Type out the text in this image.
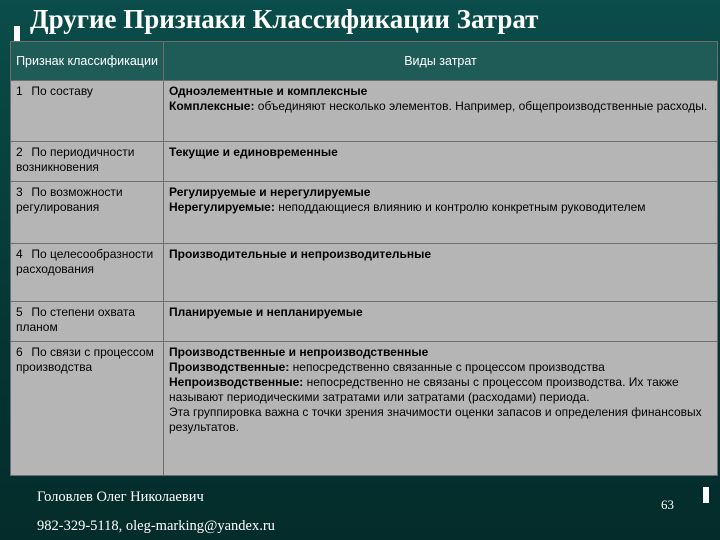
Другие Признаки Классификации Затрат
Признак классификации	Виды затрат
1 По составу	Одноэлементные и комплексные
Комплексные: объединяют несколько элементов. Например, общепроизводственные расходы.

2 По периодичности возникновения	Текущие и единовременные

3 По возможности регулирования	Регулируемые и нерегулируемые
Нерегулируемые: неподдающиеся влиянию и контролю конкретным руководителем

4 По целесообразности расходования	Производительные и непроизводительные

5 По степени охвата планом	Планируемые и непланируемые

6 По связи с процессом производства	Производственные и непроизводственные
Производственные: непосредственно связанные с процессом производства
Непроизводственные: непосредственно не связаны с процессом производства. Их также называют периодическими затратами или затратами (расходами) периода.
Эта группировка важна с точки зрения значимости оценки запасов и определения финансовых результатов.
Головлев Олег Николаевич
982-329-5118, oleg-marking@yandex.ru
63
